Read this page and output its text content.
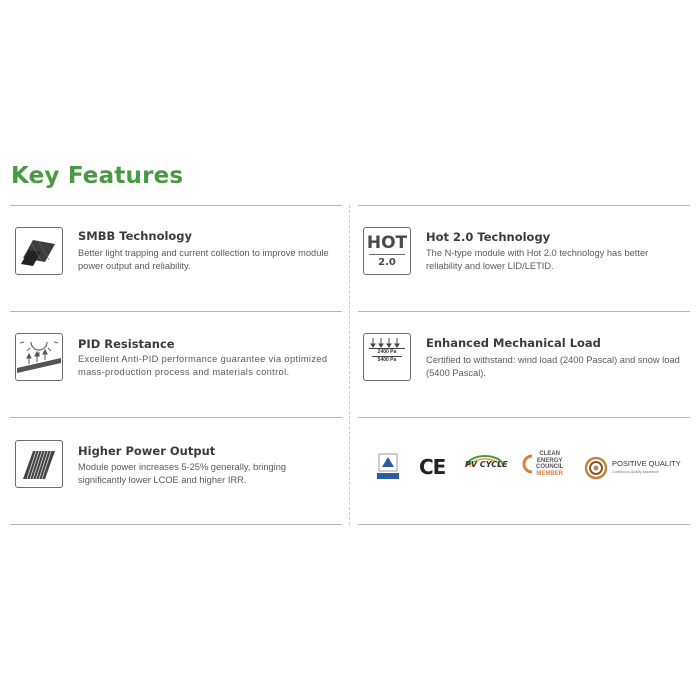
Key Features
SMBB Technology
Better light trapping and current collection to improve module power output and reliability.
HOT
2.0
Hot 2.0 Technology
The N-type module with Hot 2.0 technology has better reliability and lower LID/LETID.
PID Resistance
Excellent Anti-PID performance guarantee via optimized mass-production process and materials control.
2400 Pa
5400 Pa
Enhanced Mechanical Load
Certified to withstand: wind load (2400 Pascal) and snow load (5400 Pascal).
Higher Power Output
Module power increases 5-25% generally, bringing significantly lower LCOE and higher IRR.
CE PV CYCLE
CLEAN
ENERGY
COUNCIL
MEMBER
POSITIVE QUALITY
Continuous Quality Assurance
